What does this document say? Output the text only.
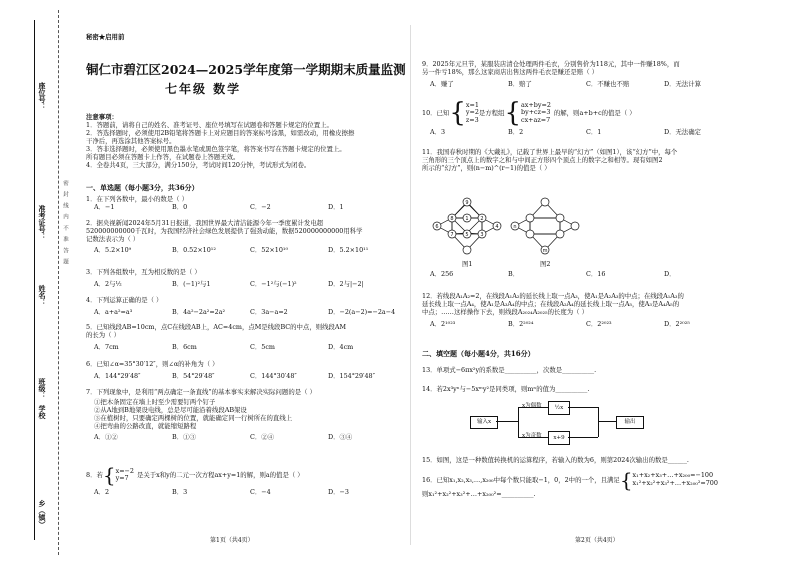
座位号：
准考证号：
姓名：
班级：
学校
乡（镇）
密 封 线 内 不 准 答 题
秘密★启用前
铜仁市碧江区2024—2025学年度第一学期期末质量监测
七年级 数学
注意事项：
1．答题前，请将自己的姓名、准考证号、座位号填写在试题卷和答题卡规定的位置上。
2．答选择题时，必须使用2B铅笔将答题卡上对应题目的答案标号涂黑，如需改动，用橡皮擦擦
干净后，再选涂其他答案标号。
3．答非选择题时，必须使用黑色墨水笔或黑色签字笔，将答案书写在答题卡规定的位置上。
所有题目必须在答题卡上作答，在试题卷上答题无效。
4．全卷共4页，三大部分，满分150分，考试时间120分钟，考试形式为闭卷。
一、单选题（每小题3分，共36分）
1．在下列各数中，最小的数是（ ）
A．−1	B．0	C．−2	D．1
2．据央视新闻2024年5月31日报道，我国世界最大清洁能源今年一季度累计发电超
520000000000千瓦时，为我国经济社会绿色发展提供了强劲动能，数据520000000000用科学
记数法表示为（ ）
A．5.2×10⁹	B．0.52×10¹²	C．52×10¹⁰	D．5.2×10¹¹
3．下列各组数中，互为相反数的是（ ）
A．2与½	B．(−1)²与1	C．−1²与(−1)²	D．2与|−2|
4．下列运算正确的是（ ）
A．a+a²=a³	B．4a²−2a²=2a²	C．3a−a=2	D．−2(a−2)=−2a−4
5．已知线段AB=10cm，点C在线段AB上，AC=4cm，点M是线段BC的中点，则线段AM
的长为（ ）
A．7cm	B．6cm	C．5cm	D．4cm
6．已知∠α=35°30′12″，则∠α的补角为（ ）
A．144°29′48″	B．54°29′48″	C．144°30′48″	D．154°29′48″
7．下列现象中，是利用“两点确定一条直线”的基本事实来解决实际问题的是（ ）
①把木条固定在墙上时至少需要钉两个钉子
②从A地到B地架设电线，总是尽可能沿着线段AB架设
③在植树时，只要确定两棵树的位置，就能确定同一行树所在的直线上
④把弯曲的公路改直，就能缩短路程
A．①②	B．①③	C．②④	D．③④
8．若 { x=−2
y=7	是关于x和y的二元一次方程ax+y=1的解，则a的值是（ ）
A．2	B．3	C．−4	D．−3
第1页（共4页）
9．2025年元旦节，某服装店清仓处理两件毛衣，分别售价为118元，其中一件赚18%，而
另一件亏18%，那么这家商店出售这两件毛衣是赚还是赔（ ）
A．赚了	B．赔了	C．不赚也不赔	D．无法计算
10．已知 { x=1
y=2
z=3
是方程组 { ax+by=2
by+cz=3
cx+az=7
的解，则a+b+c的值是（ ）
A．3	B．2	C．1	D．无法确定
11．我国春秋时期的《大戴礼》，记载了世界上最早的“幻方”（如图1），该“幻方”中，每个
三角形的三个顶点上的数字之和与中间正方形四个顶点上的数字之和相等。现有如图2
所示的“幻方”，则(n−m)^(r−1)的值是（ ）
9
8	2
6	4
1
7	3
5
n
m
图1	图2
A．256	B．	C．16	D．
12．若线段A₁A₂=2，在线段A₁A₂的延长线上取一点A₃，使A₁是A₂A₃的中点；在线段A₁A₃的
延长线上取一点A₄，使A₁是A₃A₄的中点；在线段A₂A₄的延长线上取一点A₅，使A₃是A₄A₅的
中点；……这样操作下去，则线段A₂₀₂₄A₂₀₂₅的长度为（ ）
A．2¹⁰²³	B．2²⁰²⁴	C．2²⁰²³	D．2²⁰²⁵
二、填空题（每小题4分，共16分）
13．单项式−6πx²y的系数是__________，次数是__________.
14．若2x³yⁿ与−5xᵐy²是同类项，则mⁿ的值为__________.
输入x
x为偶数
x为奇数
½x
x+9
输出
15．如图，这是一种数值转换机的运算程序，若输入的数为6，则第2024次输出的数是______.
16．已知x₁,x₂,x₃,…,x₂₀₀中每个数只能取−1，0，2中的一个，且满足 { x₁+x₂+x₃+…+x₂₀₀=−100
x₁²+x₂²+x₃²+…+x₂₀₀²=700
则x₁²+x₂²+x₃²+…+x₂₀₀²=__________.
第2页（共4页）
